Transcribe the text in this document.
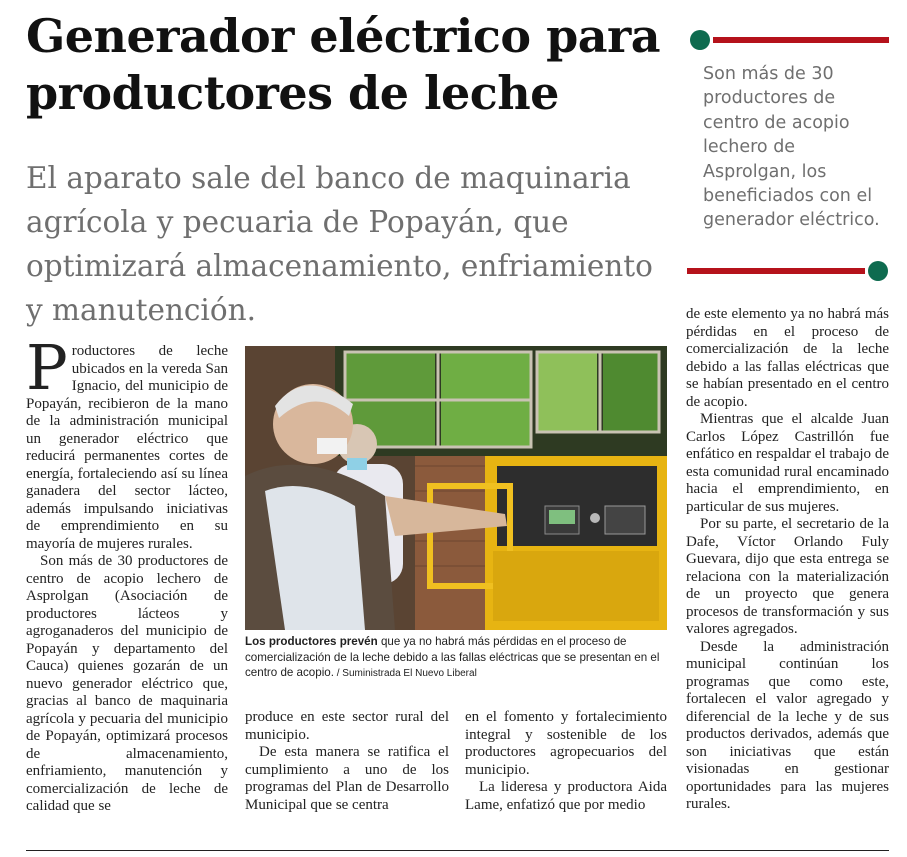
Generador eléctrico para productores de leche

El aparato sale del banco de maquinaria agrícola y pecuaria de Popayán, que optimizará almacenamiento, enfriamiento y manutención.

Son más de 30 productores de centro de acopio lechero de Asprolgan, los beneficiados con el generador eléctrico.

Productores de leche ubicados en la vereda San Ignacio, del municipio de Popayán, recibieron de la mano de la administración municipal un generador eléctrico que reducirá permanentes cortes de energía, fortaleciendo así su línea ganadera del sector lácteo, además impulsando iniciativas de emprendimiento en su mayoría de mujeres rurales.

Son más de 30 productores de centro de acopio lechero de Asprolgan (Asociación de productores lácteos y agroganaderos del municipio de Popayán y departamento del Cauca) quienes gozarán de un nuevo generador eléctrico que, gracias al banco de maquinaria agrícola y pecuaria del municipio de Popayán, optimizará procesos de almacenamiento, enfriamiento, manutención y comercialización de leche de calidad que se

Los productores prevén que ya no habrá más pérdidas en el proceso de comercialización de la leche debido a las fallas eléctricas que se presentan en el centro de acopio. / Suministrada El Nuevo Liberal

produce en este sector rural del municipio.

De esta manera se ratifica el cumplimiento a uno de los programas del Plan de Desarrollo Municipal que se centra

en el fomento y fortalecimiento integral y sostenible de los productores agropecuarios del municipio.

La lideresa y productora Aida Lame, enfatizó que por medio

de este elemento ya no habrá más pérdidas en el proceso de comercialización de la leche debido a las fallas eléctricas que se habían presentado en el centro de acopio.

Mientras que el alcalde Juan Carlos López Castrillón fue enfático en respaldar el trabajo de esta comunidad rural encaminado hacia el emprendimiento, en particular de sus mujeres.

Por su parte, el secretario de la Dafe, Víctor Orlando Fuly Guevara, dijo que esta entrega se relaciona con la materialización de un proyecto que genera procesos de transformación y sus valores agregados.

Desde la administración municipal continúan los programas que como este, fortalecen el valor agregado y diferencial de la leche y de sus productos derivados, además que son iniciativas que están visionadas en gestionar oportunidades para las mujeres rurales.
